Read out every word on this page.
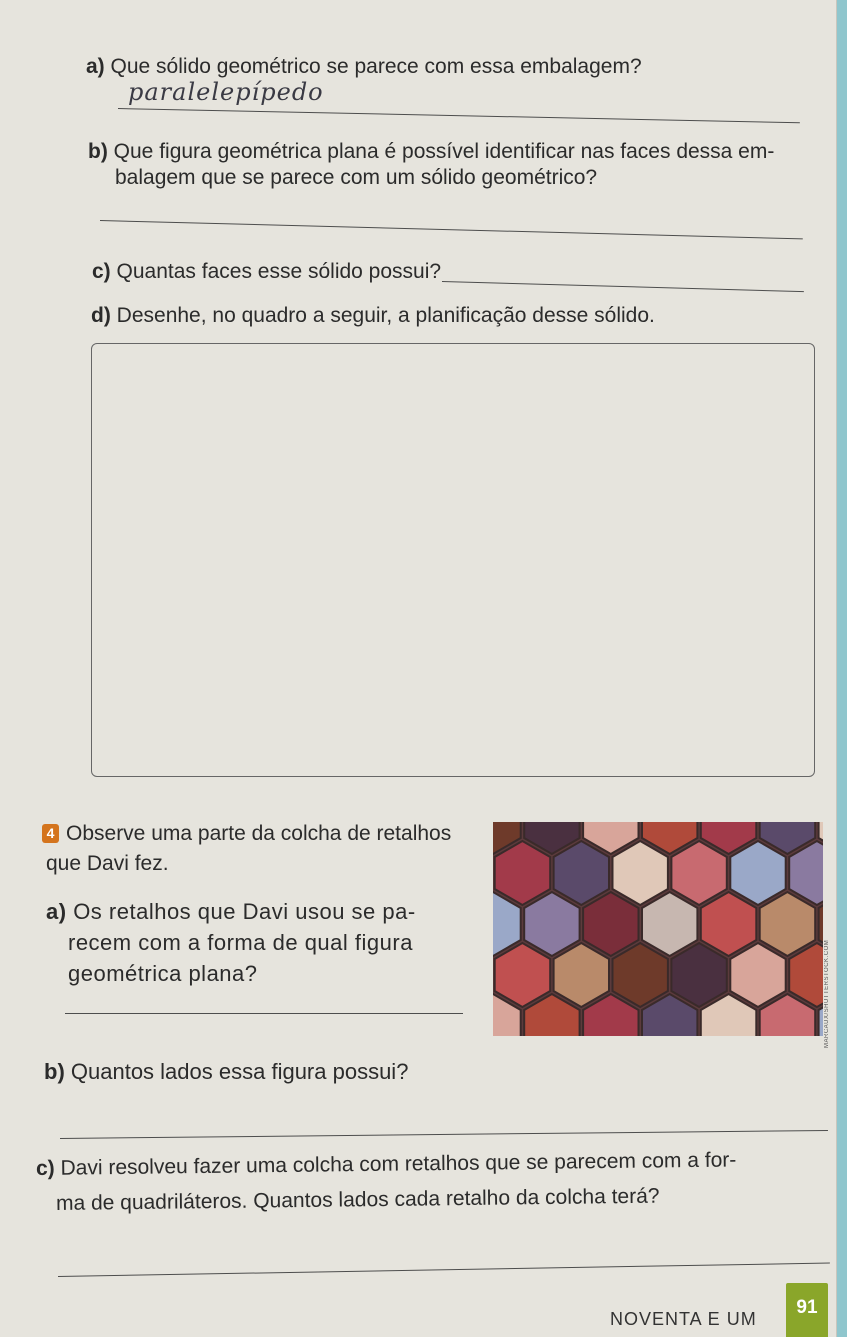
a) Que sólido geométrico se parece com essa embalagem?
paralelepípedo
b) Que figura geométrica plana é possível identificar nas faces dessa em-
balagem que se parece com um sólido geométrico?
c) Quantas faces esse sólido possui?
d) Desenhe, no quadro a seguir, a planificação desse sólido.
4 Observe uma parte da colcha de retalhos
que Davi fez.
a) Os retalhos que Davi usou se pa-
recem com a forma de qual figura
geométrica plana?
b) Quantos lados essa figura possui?
c) Davi resolveu fazer uma colcha com retalhos que se parecem com a for-
ma de quadriláteros. Quantos lados cada retalho da colcha terá?
MARCAUX/SHUTTERSTOCK.COM
NOVENTA E UM
91
